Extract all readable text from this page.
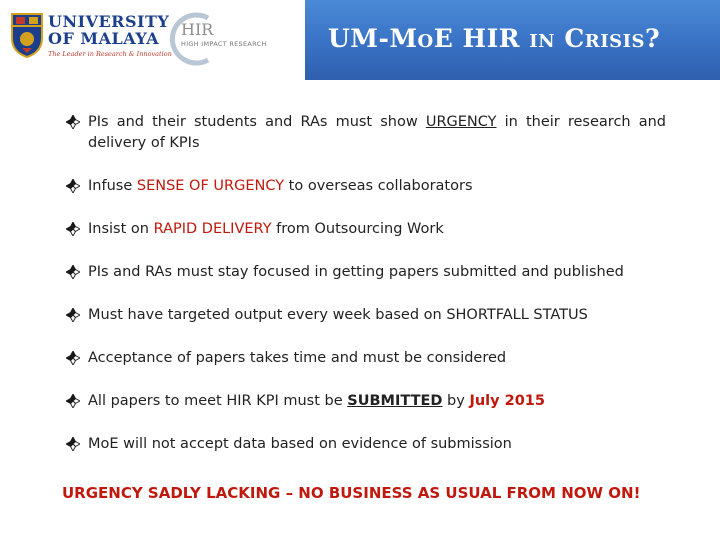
UNIVERSITY
OF MALAYA
The Leader in Research & Innovation
HIR
HIGH IMPACT RESEARCH UM-MoE HIR in Crisis?
PIs and their students and RAs must show URGENCY in their research and delivery of KPIs
Infuse SENSE OF URGENCY to overseas collaborators
Insist on RAPID DELIVERY from Outsourcing Work
PIs and RAs must stay focused in getting papers submitted and published
Must have targeted output every week based on SHORTFALL STATUS
Acceptance of papers takes time and must be considered
All papers to meet HIR KPI must be SUBMITTED by July 2015
MoE will not accept data based on evidence of submission
URGENCY SADLY LACKING – NO BUSINESS AS USUAL FROM NOW ON!
